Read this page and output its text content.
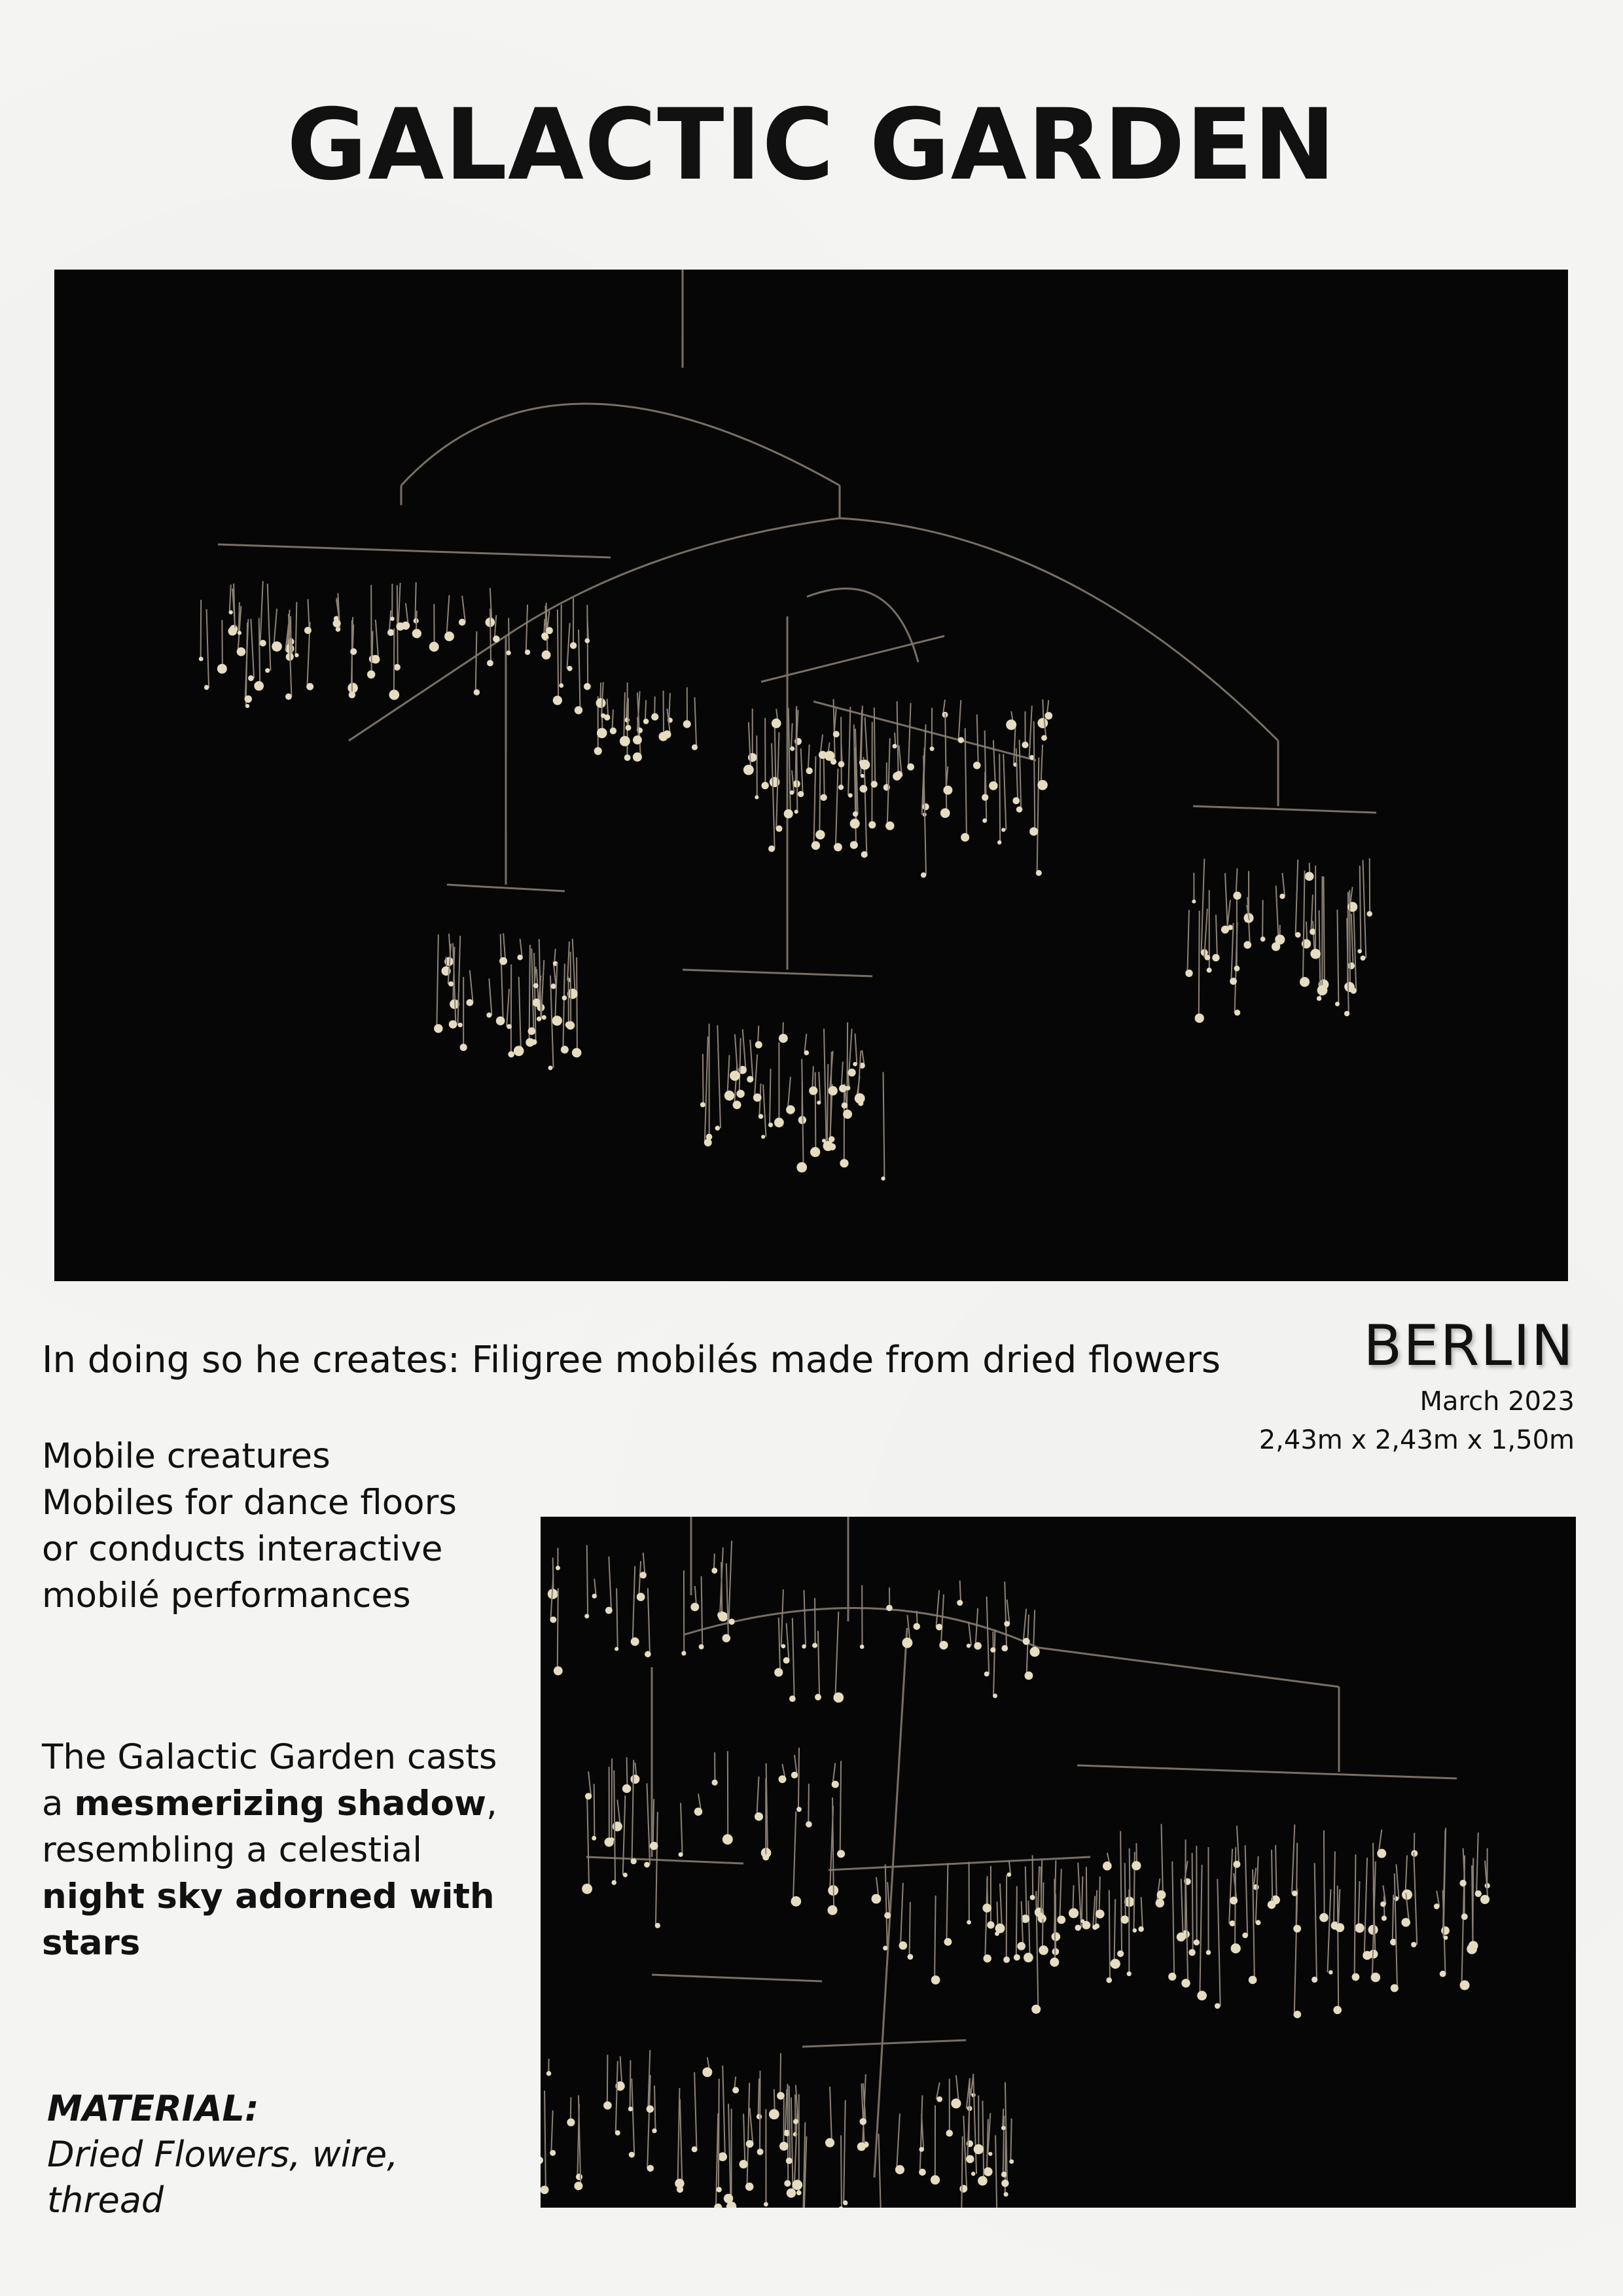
GALACTIC GARDEN

In doing so he creates: Filigree mobilés made from dried flowers	BERLIN

March 2023

2,43m x 2,43m x 1,50m

Mobile creatures
Mobiles for dance floors
or conducts interactive
mobilé performances

The Galactic Garden casts a mesmerizing shadow, resembling a celestial night sky adorned with stars

MATERIAL:
Dried Flowers, wire, thread
